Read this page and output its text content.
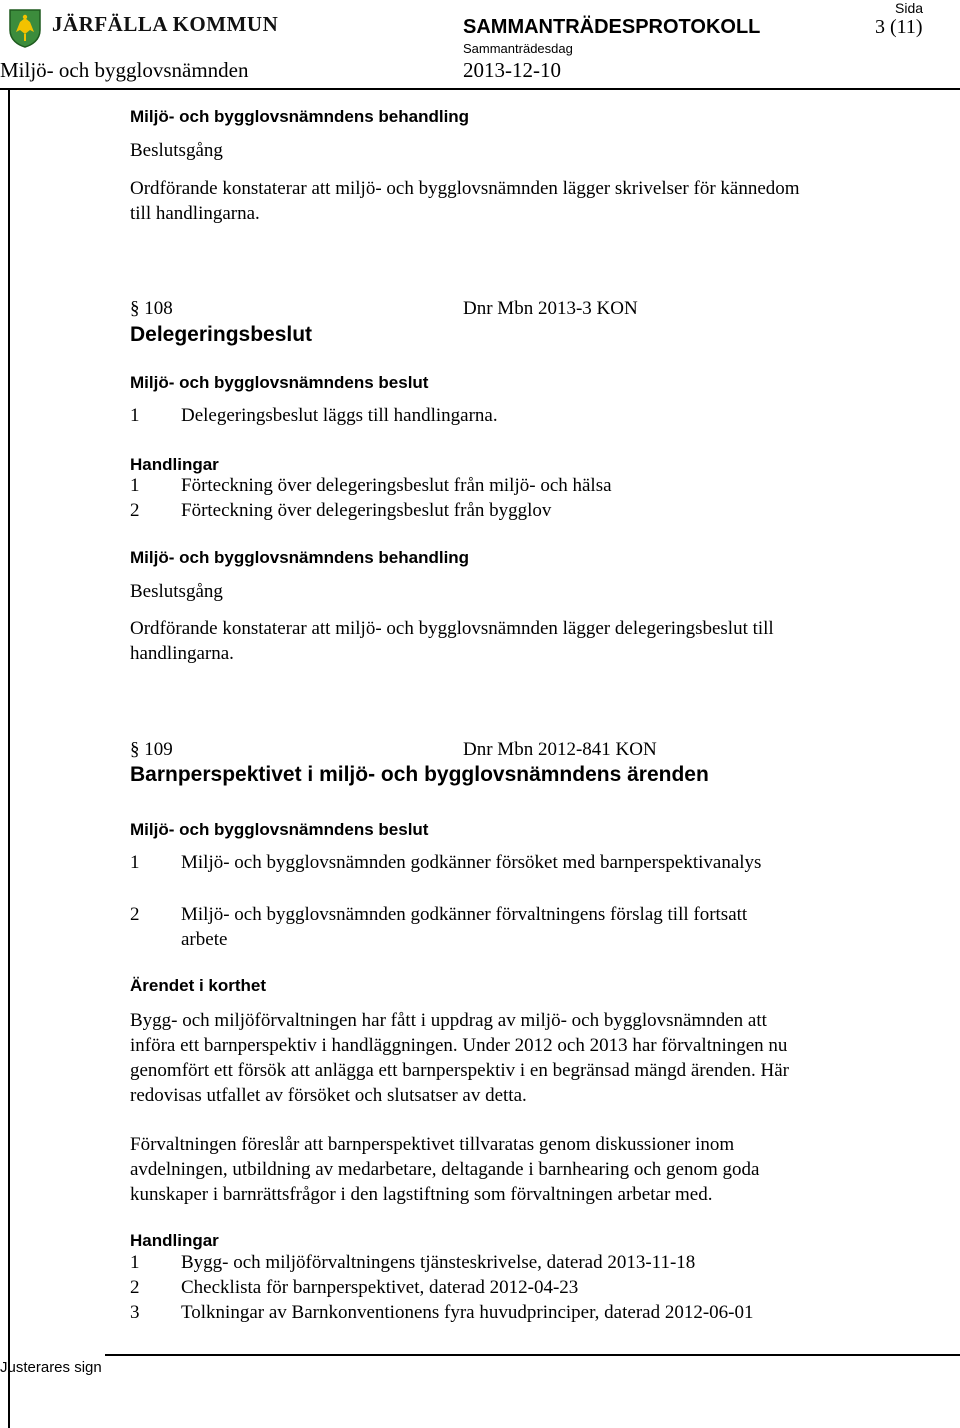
JÄRFÄLLA KOMMUN
Sida
SAMMANTRÄDESPROTOKOLL	3 (11)
Sammanträdesdag
Miljö- och bygglovsnämnden	2013-12-10
Miljö- och bygglovsnämndens behandling
Beslutsgång
Ordförande konstaterar att miljö- och bygglovsnämnden lägger skrivelser för kännedom
till handlingarna.
§ 108	Dnr Mbn 2013-3 KON
Delegeringsbeslut
Miljö- och bygglovsnämndens beslut
1 Delegeringsbeslut läggs till handlingarna.
Handlingar
1 Förteckning över delegeringsbeslut från miljö- och hälsa
2 Förteckning över delegeringsbeslut från bygglov
Miljö- och bygglovsnämndens behandling
Beslutsgång
Ordförande konstaterar att miljö- och bygglovsnämnden lägger delegeringsbeslut till
handlingarna.
§ 109	Dnr Mbn 2012-841 KON
Barnperspektivet i miljö- och bygglovsnämndens ärenden
Miljö- och bygglovsnämndens beslut
1 Miljö- och bygglovsnämnden godkänner försöket med barnperspektivanalys
2 Miljö- och bygglovsnämnden godkänner förvaltningens förslag till fortsatt
arbete
Ärendet i korthet
Bygg- och miljöförvaltningen har fått i uppdrag av miljö- och bygglovsnämnden att
införa ett barnperspektiv i handläggningen. Under 2012 och 2013 har förvaltningen nu
genomfört ett försök att anlägga ett barnperspektiv i en begränsad mängd ärenden. Här
redovisas utfallet av försöket och slutsatser av detta.
Förvaltningen föreslår att barnperspektivet tillvaratas genom diskussioner inom
avdelningen, utbildning av medarbetare, deltagande i barnhearing och genom goda
kunskaper i barnrättsfrågor i den lagstiftning som förvaltningen arbetar med.
Handlingar
1 Bygg- och miljöförvaltningens tjänsteskrivelse, daterad 2013-11-18
2 Checklista för barnperspektivet, daterad 2012-04-23
3 Tolkningar av Barnkonventionens fyra huvudprinciper, daterad 2012-06-01
Justerares sign
